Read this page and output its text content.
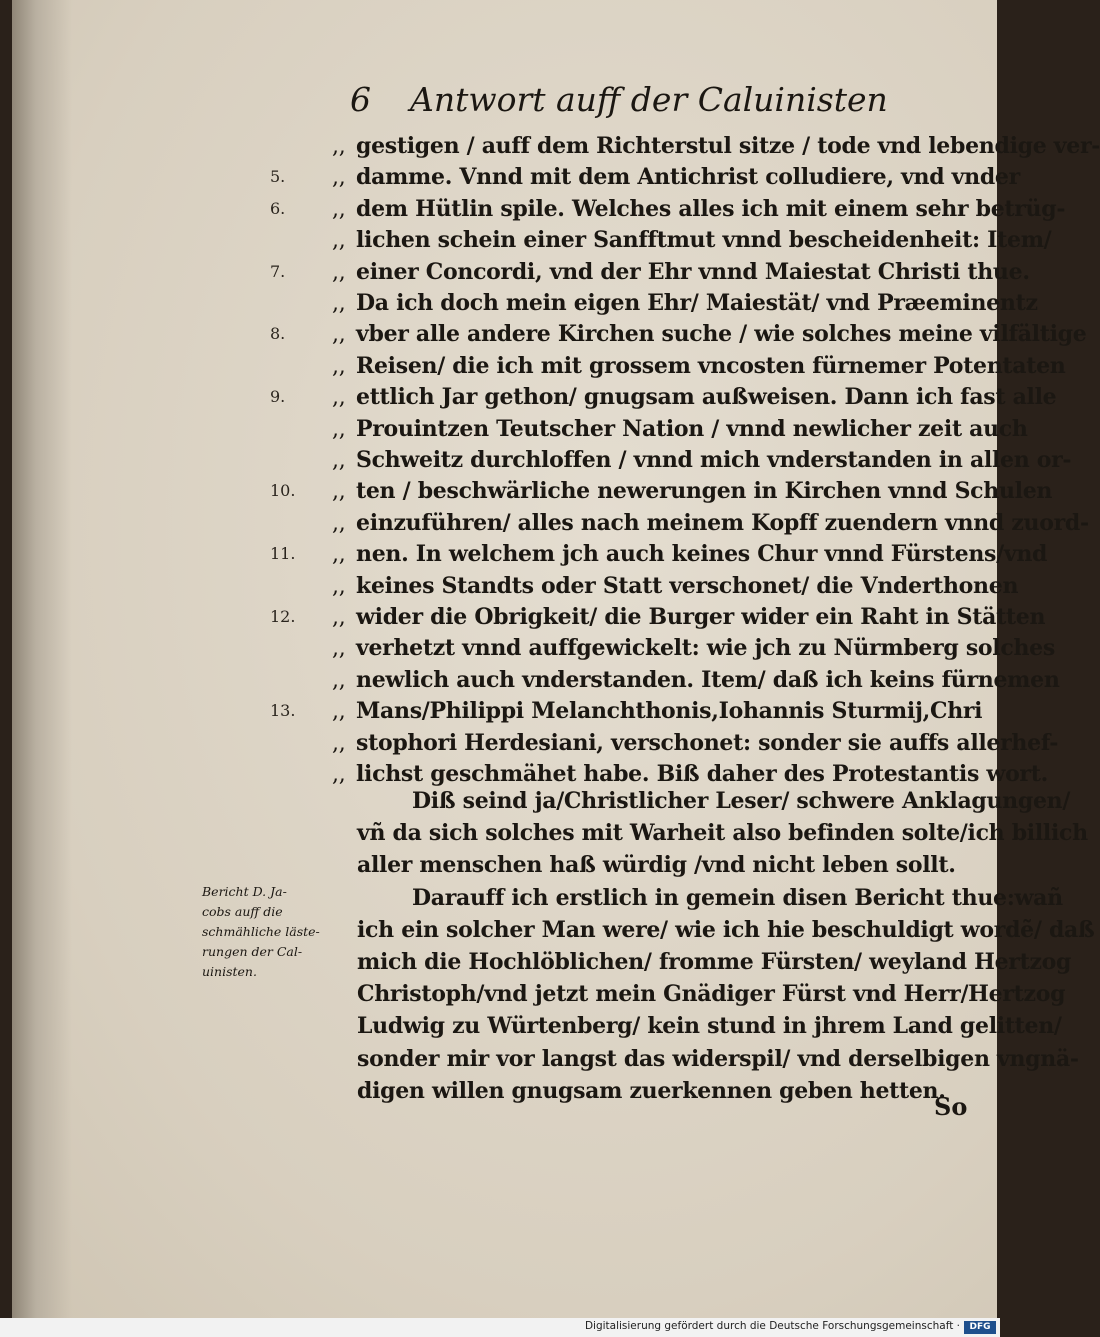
6 Antwort auff der Caluinisten
,, gestigen / auff dem Richterstul sitze / tode vnd lebendige ver-
5.	,, damme. Vnnd mit dem Antichrist colludiere, vnd vnder
6.	,, dem Hütlin spile. Welches alles ich mit einem sehr betrüg-
,, lichen schein einer Sanfftmut vnnd bescheidenheit: Item/
7.	,, einer Concordi, vnd der Ehr vnnd Maiestat Christi thue.
,, Da ich doch mein eigen Ehr/ Maiestät/ vnd Præeminentz
8.	,, vber alle andere Kirchen suche / wie solches meine vilfältige
,, Reisen/ die ich mit grossem vncosten fürnemer Potentaten
9.	,, ettlich Jar gethon/ gnugsam außweisen. Dann ich fast alle
,, Prouintzen Teutscher Nation / vnnd newlicher zeit auch
,, Schweitz durchloffen / vnnd mich vnderstanden in allen or-
10.	,, ten / beschwärliche newerungen in Kirchen vnnd Schulen
,, einzuführen/ alles nach meinem Kopff zuendern vnnd zuord-
11.	,, nen. In welchem jch auch keines Chur vnnd Fürstens/vnd
,, keines Standts oder Statt verschonet/ die Vnderthonen
12.	,, wider die Obrigkeit/ die Burger wider ein Raht in Stätten
,, verhetzt vnnd auffgewickelt: wie jch zu Nürmberg solches
,, newlich auch vnderstanden. Item/ daß ich keins fürnemen
13.	,, Mans/Philippi Melanchthonis,Iohannis Sturmij,Chri
,, stophori Herdesiani, verschonet: sonder sie auffs allerhef-
,, lichst geschmähet habe. Biß daher des Protestantis wort.
Diß seind ja/Christlicher Leser/ schwere Anklagungen/
vñ da sich solches mit Warheit also befinden solte/ich billich
aller menschen haß würdig /vnd nicht leben sollt.
Darauff ich erstlich in gemein disen Bericht thue:wañ
ich ein solcher Man were/ wie ich hie beschuldigt wordẽ/ daß
mich die Hochlöblichen/ fromme Fürsten/ weyland Hertzog
Christoph/vnd jetzt mein Gnädiger Fürst vnd Herr/Hertzog
Ludwig zu Würtenberg/ kein stund in jhrem Land gelitten/
sonder mir vor langst das widerspil/ vnd derselbigen vngnä-
digen willen gnugsam zuerkennen geben hetten.
Bericht D. Ja-
cobs auff die
schmähliche läste-
rungen der Cal-
uinisten.
So
Digitalisierung gefördert durch die Deutsche Forschungsgemeinschaft ·	DFG
